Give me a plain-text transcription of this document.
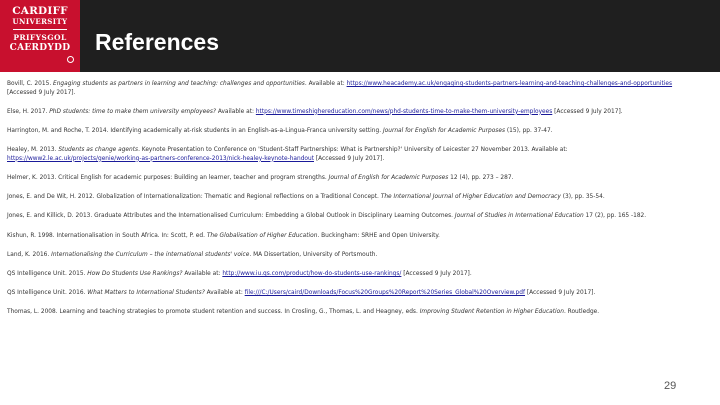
CARDIFF
UNIVERSITY
PRIFYSGOL
CAERDYDD	References
Bovill, C. 2015. Engaging students as partners in learning and teaching: challenges and opportunities. Available at: https://www.heacademy.ac.uk/engaging-students-partners-learning-and-teaching-challenges-and-opportunities [Accessed 9 July 2017].
Else, H. 2017. PhD students: time to make them university employees? Available at: https://www.timeshighereducation.com/news/phd-students-time-to-make-them-university-employees [Accessed 9 July 2017].
Harrington, M. and Roche, T. 2014. Identifying academically at-risk students in an English-as-a-Lingua-Franca university setting. Journal for English for Academic Purposes (15), pp. 37-47.
Healey, M. 2013. Students as change agents. Keynote Presentation to Conference on 'Student-Staff Partnerships: What is Partnership?' University of Leicester 27 November 2013. Available at: https://www2.le.ac.uk/projects/genie/working-as-partners-conference-2013/nick-healey-keynote-handout [Accessed 9 July 2017].
Helmer, K. 2013. Critical English for academic purposes: Building an learner, teacher and program strengths. Journal of English for Academic Purposes 12 (4), pp. 273 – 287.
Jones, E. and De Wit, H. 2012. Globalization of Internationalization: Thematic and Regional reflections on a Traditional Concept. The International Journal of Higher Education and Democracy (3), pp. 35-54.
Jones, E. and Killick, D. 2013. Graduate Attributes and the Internationalised Curriculum: Embedding a Global Outlook in Disciplinary Learning Outcomes. Journal of Studies in International Education 17 (2), pp. 165 -182.
Kishun, R. 1998. Internationalisation in South Africa. In: Scott, P. ed. The Globalisation of Higher Education. Buckingham: SRHE and Open University.
Land, K. 2016. Internationalising the Curriculum – the international students' voice. MA Dissertation, University of Portsmouth.
QS Intelligence Unit. 2015. How Do Students Use Rankings? Available at: http://www.iu.qs.com/product/how-do-students-use-rankings/ [Accessed 9 July 2017].
QS Intelligence Unit. 2016. What Matters to International Students? Available at: file:///C:/Users/caird/Downloads/Focus%20Groups%20Report%20Series_Global%20Overview.pdf [Accessed 9 July 2017].
Thomas, L. 2008. Learning and teaching strategies to promote student retention and success. In Crosling, G., Thomas, L. and Heagney, eds. Improving Student Retention in Higher Education. Routledge.
29
